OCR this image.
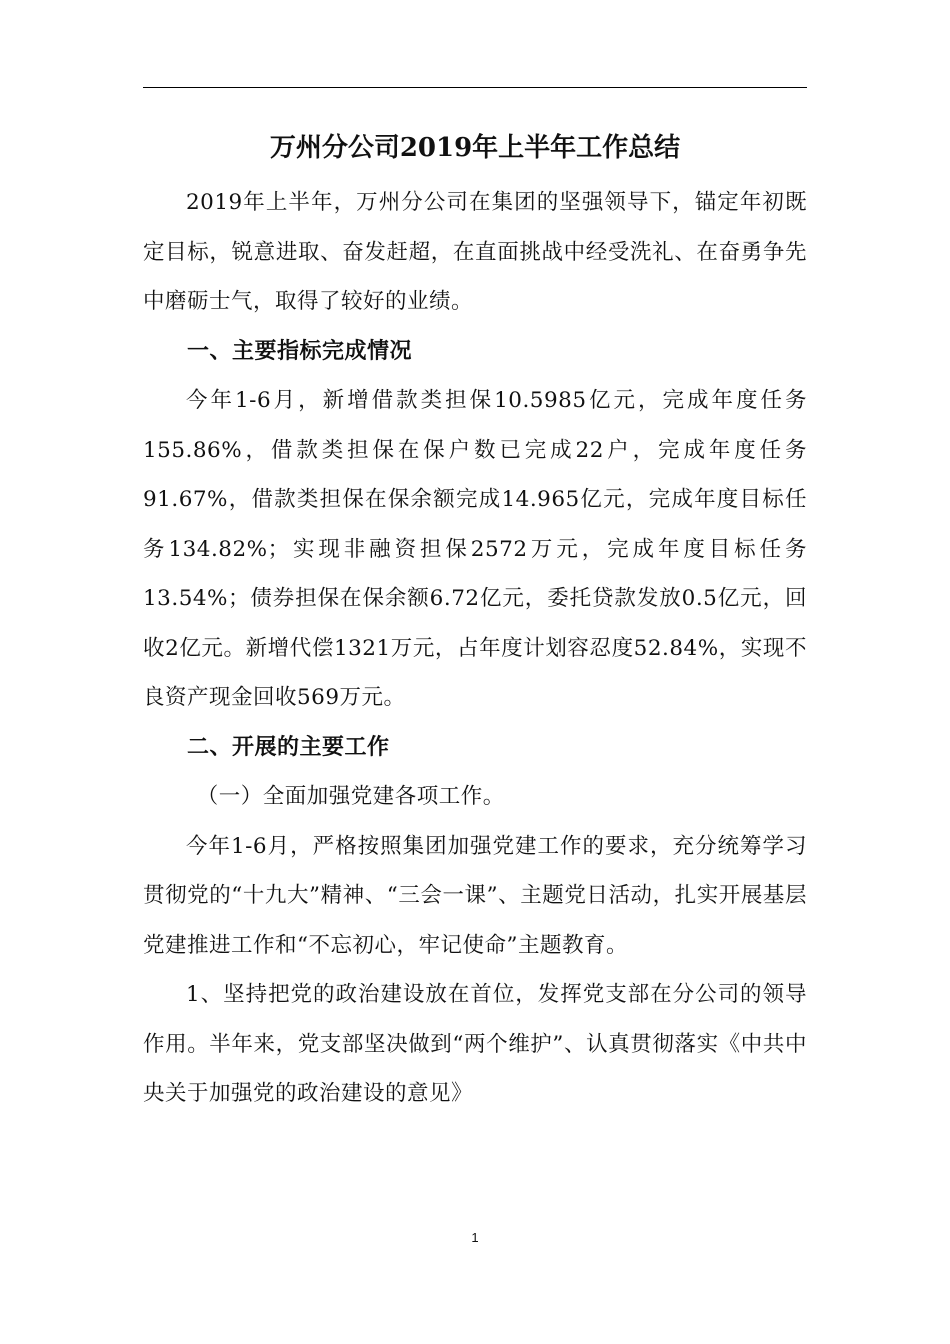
万州分公司2019年上半年工作总结

2019年上半年，万州分公司在集团的坚强领导下，锚定年初既定目标，锐意进取、奋发赶超，在直面挑战中经受洗礼、在奋勇争先中磨砺士气，取得了较好的业绩。

一、主要指标完成情况

今年1-6月，新增借款类担保10.5985亿元，完成年度任务155.86%，借款类担保在保户数已完成22户，完成年度任务91.67%，借款类担保在保余额完成14.965亿元，完成年度目标任务134.82%；实现非融资担保2572万元，完成年度目标任务13.54%；债券担保在保余额6.72亿元，委托贷款发放0.5亿元，回收2亿元。新增代偿1321万元，占年度计划容忍度52.84%，实现不良资产现金回收569万元。

二、开展的主要工作

（一）全面加强党建各项工作。

今年1-6月，严格按照集团加强党建工作的要求，充分统筹学习贯彻党的“十九大”精神、“三会一课”、主题党日活动，扎实开展基层党建推进工作和“不忘初心，牢记使命”主题教育。

1、坚持把党的政治建设放在首位，发挥党支部在分公司的领导作用。半年来，党支部坚决做到“两个维护”、认真贯彻落实《中共中央关于加强党的政治建设的意见》

1
